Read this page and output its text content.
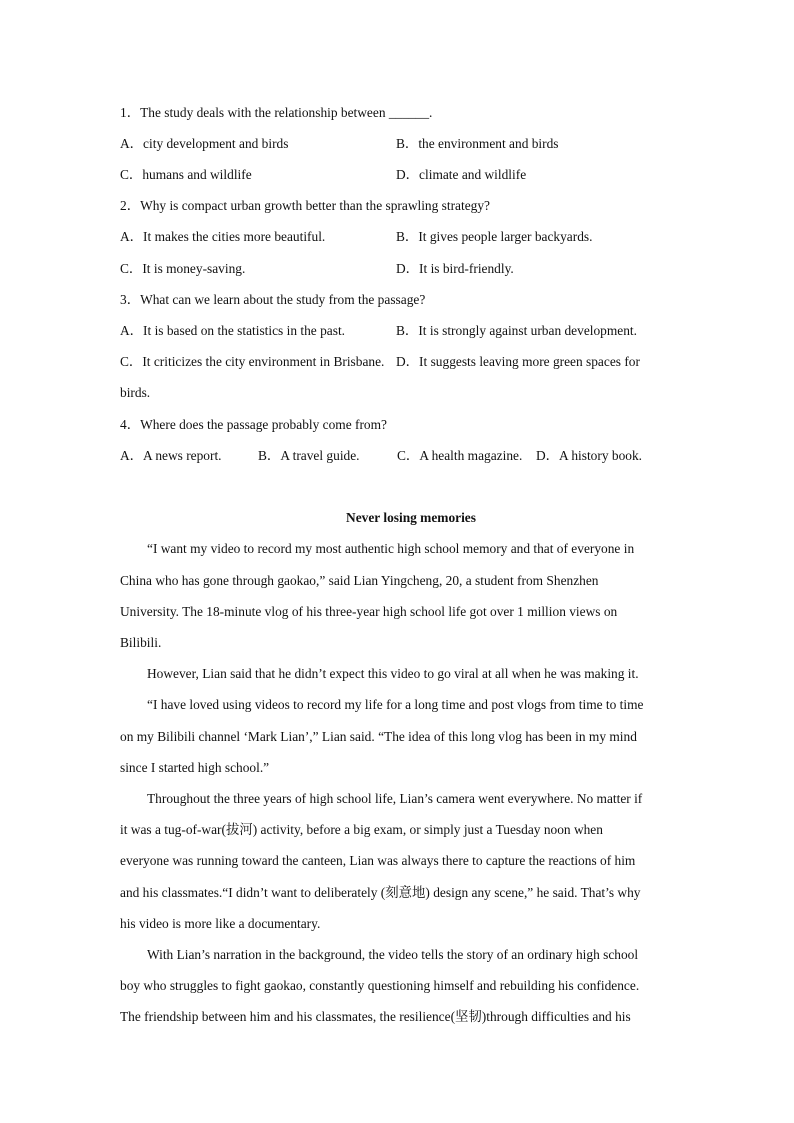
1．The study deals with the relationship between ______.
A．city development and birds	B．the environment and birds
C．humans and wildlife	D．climate and wildlife
2．Why is compact urban growth better than the sprawling strategy?
A．It makes the cities more beautiful.	B．It gives people larger backyards.
C．It is money-saving.	D．It is bird-friendly.
3．What can we learn about the study from the passage?
A．It is based on the statistics in the past.	B．It is strongly against urban development.
C．It criticizes the city environment in Brisbane. D．It suggests leaving more green spaces for
birds.
4．Where does the passage probably come from?
A．A news report.	B．A travel guide.	C．A health magazine. D．A history book.
Never losing memories
“I want my video to record my most authentic high school memory and that of everyone in
China who has gone through gaokao,” said Lian Yingcheng, 20, a student from Shenzhen
University. The 18-minute vlog of his three-year high school life got over 1 million views on
Bilibili.
However, Lian said that he didn’t expect this video to go viral at all when he was making it.
“I have loved using videos to record my life for a long time and post vlogs from time to time
on my Bilibili channel ‘Mark Lian’,” Lian said. “The idea of this long vlog has been in my mind
since I started high school.”
Throughout the three years of high school life, Lian’s camera went everywhere. No matter if
it was a tug-of-war(拔河) activity, before a big exam, or simply just a Tuesday noon when
everyone was running toward the canteen, Lian was always there to capture the reactions of him
and his classmates.“I didn’t want to deliberately (刻意地) design any scene,” he said. That’s why
his video is more like a documentary.
With Lian’s narration in the background, the video tells the story of an ordinary high school
boy who struggles to fight gaokao, constantly questioning himself and rebuilding his confidence.
The friendship between him and his classmates, the resilience(坚韧)through difficulties and his
